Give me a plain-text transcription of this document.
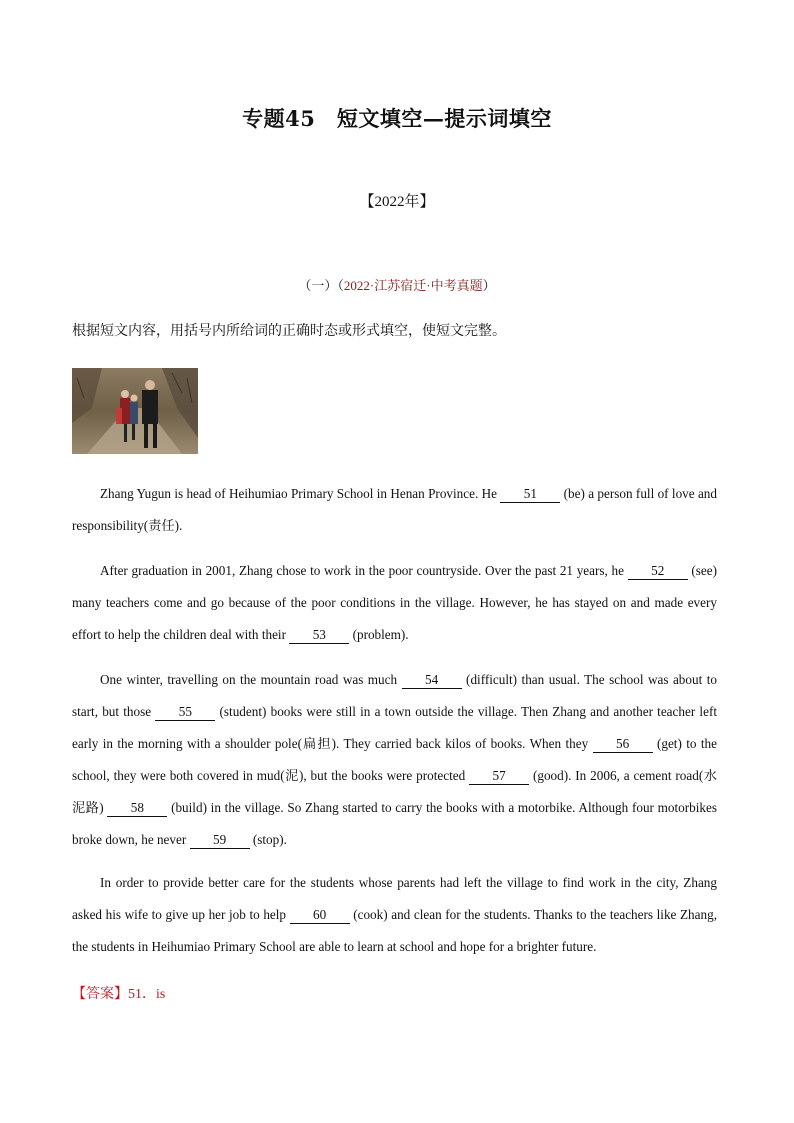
专题45　短文填空—提示词填空
【2022年】
（一）（2022·江苏宿迁·中考真题）
根据短文内容，用括号内所给词的正确时态或形式填空，使短文完整。
Zhang Yugun is head of Heihumiao Primary School in Henan Province. He 51 (be) a person full of love and responsibility(责任).
After graduation in 2001, Zhang chose to work in the poor countryside. Over the past 21 years, he 52 (see) many teachers come and go because of the poor conditions in the village. However, he has stayed on and made every effort to help the children deal with their 53 (problem).
One winter, travelling on the mountain road was much 54 (difficult) than usual. The school was about to start, but those 55 (student) books were still in a town outside the village. Then Zhang and another teacher left early in the morning with a shoulder pole(扁担). They carried back kilos of books. When they 56 (get) to the school, they were both covered in mud(泥), but the books were protected 57 (good). In 2006, a cement road(水泥路) 58 (build) in the village. So Zhang started to carry the books with a motorbike. Although four motorbikes broke down, he never 59 (stop).
In order to provide better care for the students whose parents had left the village to find work in the city, Zhang asked his wife to give up her job to help 60 (cook) and clean for the students. Thanks to the teachers like Zhang, the students in Heihumiao Primary School are able to learn at school and hope for a brighter future.
【答案】51．is
